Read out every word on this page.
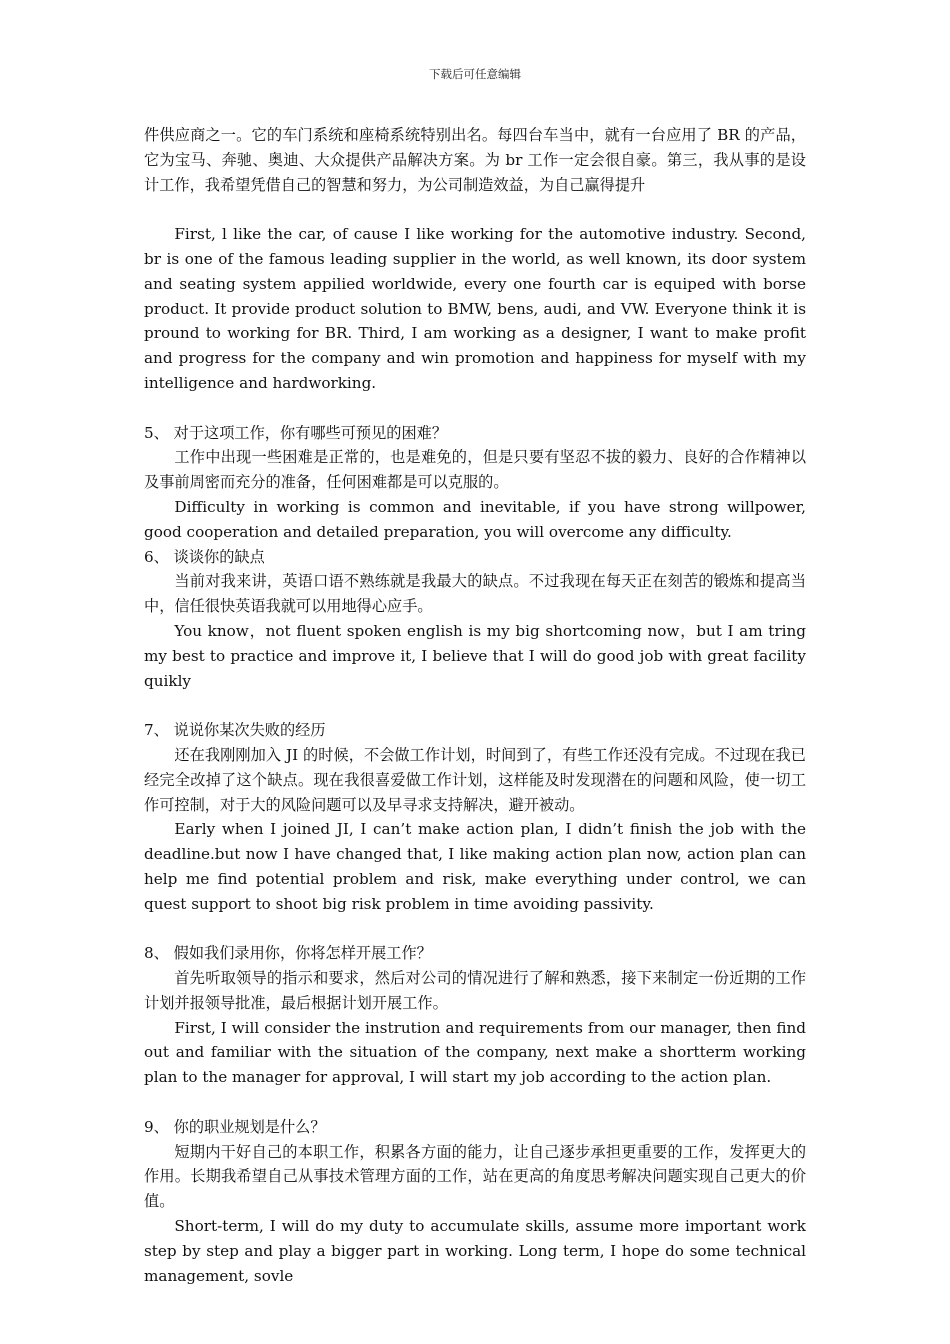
下载后可任意编辑

件供应商之一。它的车门系统和座椅系统特别出名。每四台车当中，就有一台应用了 BR 的产品，它为宝马、奔驰、奥迪、大众提供产品解决方案。为 br 工作一定会很自豪。第三，我从事的是设计工作，我希望凭借自己的智慧和努力，为公司制造效益，为自己赢得提升

First, l like the car, of cause I like working for the automotive industry. Second, br is one of the famous leading supplier in the world, as well known, its door system and seating system appilied worldwide, every one fourth car is equiped with borse product. It provide product solution to BMW, bens, audi, and VW. Everyone think it is pround to working for BR. Third, I am working as a designer, I want to make profit and progress for the company and win promotion and happiness for myself with my intelligence and hardworking.

5、 对于这项工作，你有哪些可预见的困难？

工作中出现一些困难是正常的，也是难免的，但是只要有坚忍不拔的毅力、良好的合作精神以及事前周密而充分的准备，任何困难都是可以克服的。

Difficulty in working is common and inevitable, if you have strong willpower, good cooperation and detailed preparation, you will overcome any difficulty.

6、 谈谈你的缺点

当前对我来讲，英语口语不熟练就是我最大的缺点。不过我现在每天正在刻苦的锻炼和提高当中，信任很快英语我就可以用地得心应手。

You know，not fluent spoken english is my big shortcoming now，but I am tring my best to practice and improve it, I believe that I will do good job with great facility quikly

7、 说说你某次失败的经历

还在我刚刚加入 JI 的时候，不会做工作计划，时间到了，有些工作还没有完成。不过现在我已经完全改掉了这个缺点。现在我很喜爱做工作计划，这样能及时发现潜在的问题和风险，使一切工作可控制，对于大的风险问题可以及早寻求支持解决，避开被动。

Early when I joined JI, I can’t make action plan, I didn’t finish the job with the deadline.but now I have changed that, I like making action plan now, action plan can help me find potential problem and risk, make everything under control, we can quest support to shoot big risk problem in time avoiding passivity.

8、 假如我们录用你，你将怎样开展工作？

首先听取领导的指示和要求，然后对公司的情况进行了解和熟悉，接下来制定一份近期的工作计划并报领导批准，最后根据计划开展工作。

First, I will consider the instrution and requirements from our manager, then find out and familiar with the situation of the company, next make a shortterm working plan to the manager for approval, I will start my job according to the action plan.

9、 你的职业规划是什么？

短期内干好自己的本职工作，积累各方面的能力，让自己逐步承担更重要的工作，发挥更大的作用。长期我希望自己从事技术管理方面的工作，站在更高的角度思考解决问题实现自己更大的价值。

Short-term, I will do my duty to accumulate skills, assume more important work step by step and play a bigger part in working. Long term, I hope do some technical management, sovle
